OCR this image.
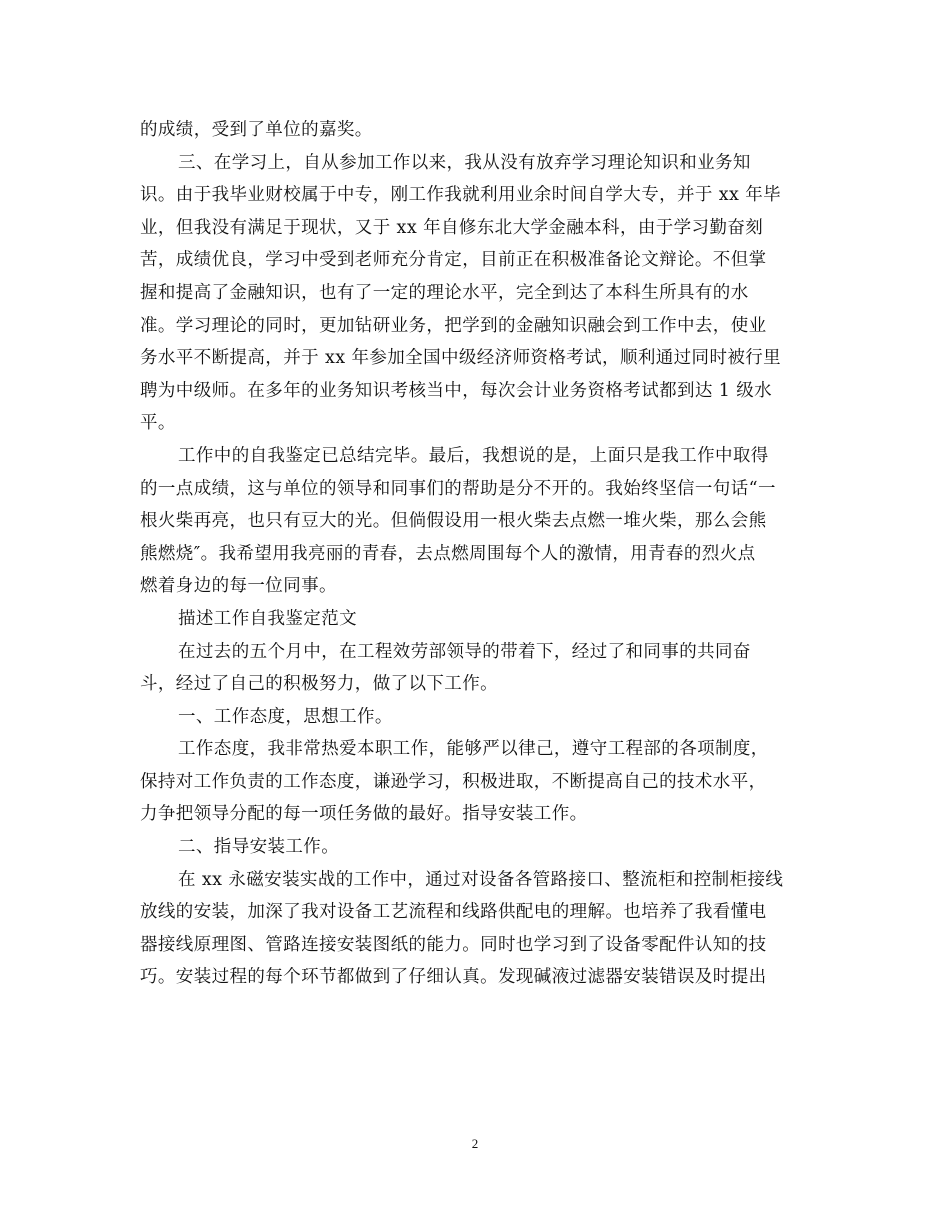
的成绩，受到了单位的嘉奖。
三、在学习上，自从参加工作以来，我从没有放弃学习理论知识和业务知
识。由于我毕业财校属于中专，刚工作我就利用业余时间自学大专，并于 xx 年毕
业，但我没有满足于现状，又于 xx 年自修东北大学金融本科，由于学习勤奋刻
苦，成绩优良，学习中受到老师充分肯定，目前正在积极准备论文辩论。不但掌
握和提高了金融知识，也有了一定的理论水平，完全到达了本科生所具有的水
准。学习理论的同时，更加钻研业务，把学到的金融知识融会到工作中去，使业
务水平不断提高，并于 xx 年参加全国中级经济师资格考试，顺利通过同时被行里
聘为中级师。在多年的业务知识考核当中，每次会计业务资格考试都到达 1 级水
平。
工作中的自我鉴定已总结完毕。最后，我想说的是，上面只是我工作中取得
的一点成绩，这与单位的领导和同事们的帮助是分不开的。我始终坚信一句话“一
根火柴再亮，也只有豆大的光。但倘假设用一根火柴去点燃一堆火柴，那么会熊
熊燃烧″。我希望用我亮丽的青春，去点燃周围每个人的激情，用青春的烈火点
燃着身边的每一位同事。
描述工作自我鉴定范文
在过去的五个月中，在工程效劳部领导的带着下，经过了和同事的共同奋
斗，经过了自己的积极努力，做了以下工作。
一、工作态度，思想工作。
工作态度，我非常热爱本职工作，能够严以律己，遵守工程部的各项制度，
保持对工作负责的工作态度，谦逊学习，积极进取，不断提高自己的技术水平，
力争把领导分配的每一项任务做的最好。指导安装工作。
二、指导安装工作。
在 xx 永磁安装实战的工作中，通过对设备各管路接口、整流柜和控制柜接线
放线的安装，加深了我对设备工艺流程和线路供配电的理解。也培养了我看懂电
器接线原理图、管路连接安装图纸的能力。同时也学习到了设备零配件认知的技
巧。安装过程的每个环节都做到了仔细认真。发现碱液过滤器安装错误及时提出
2
